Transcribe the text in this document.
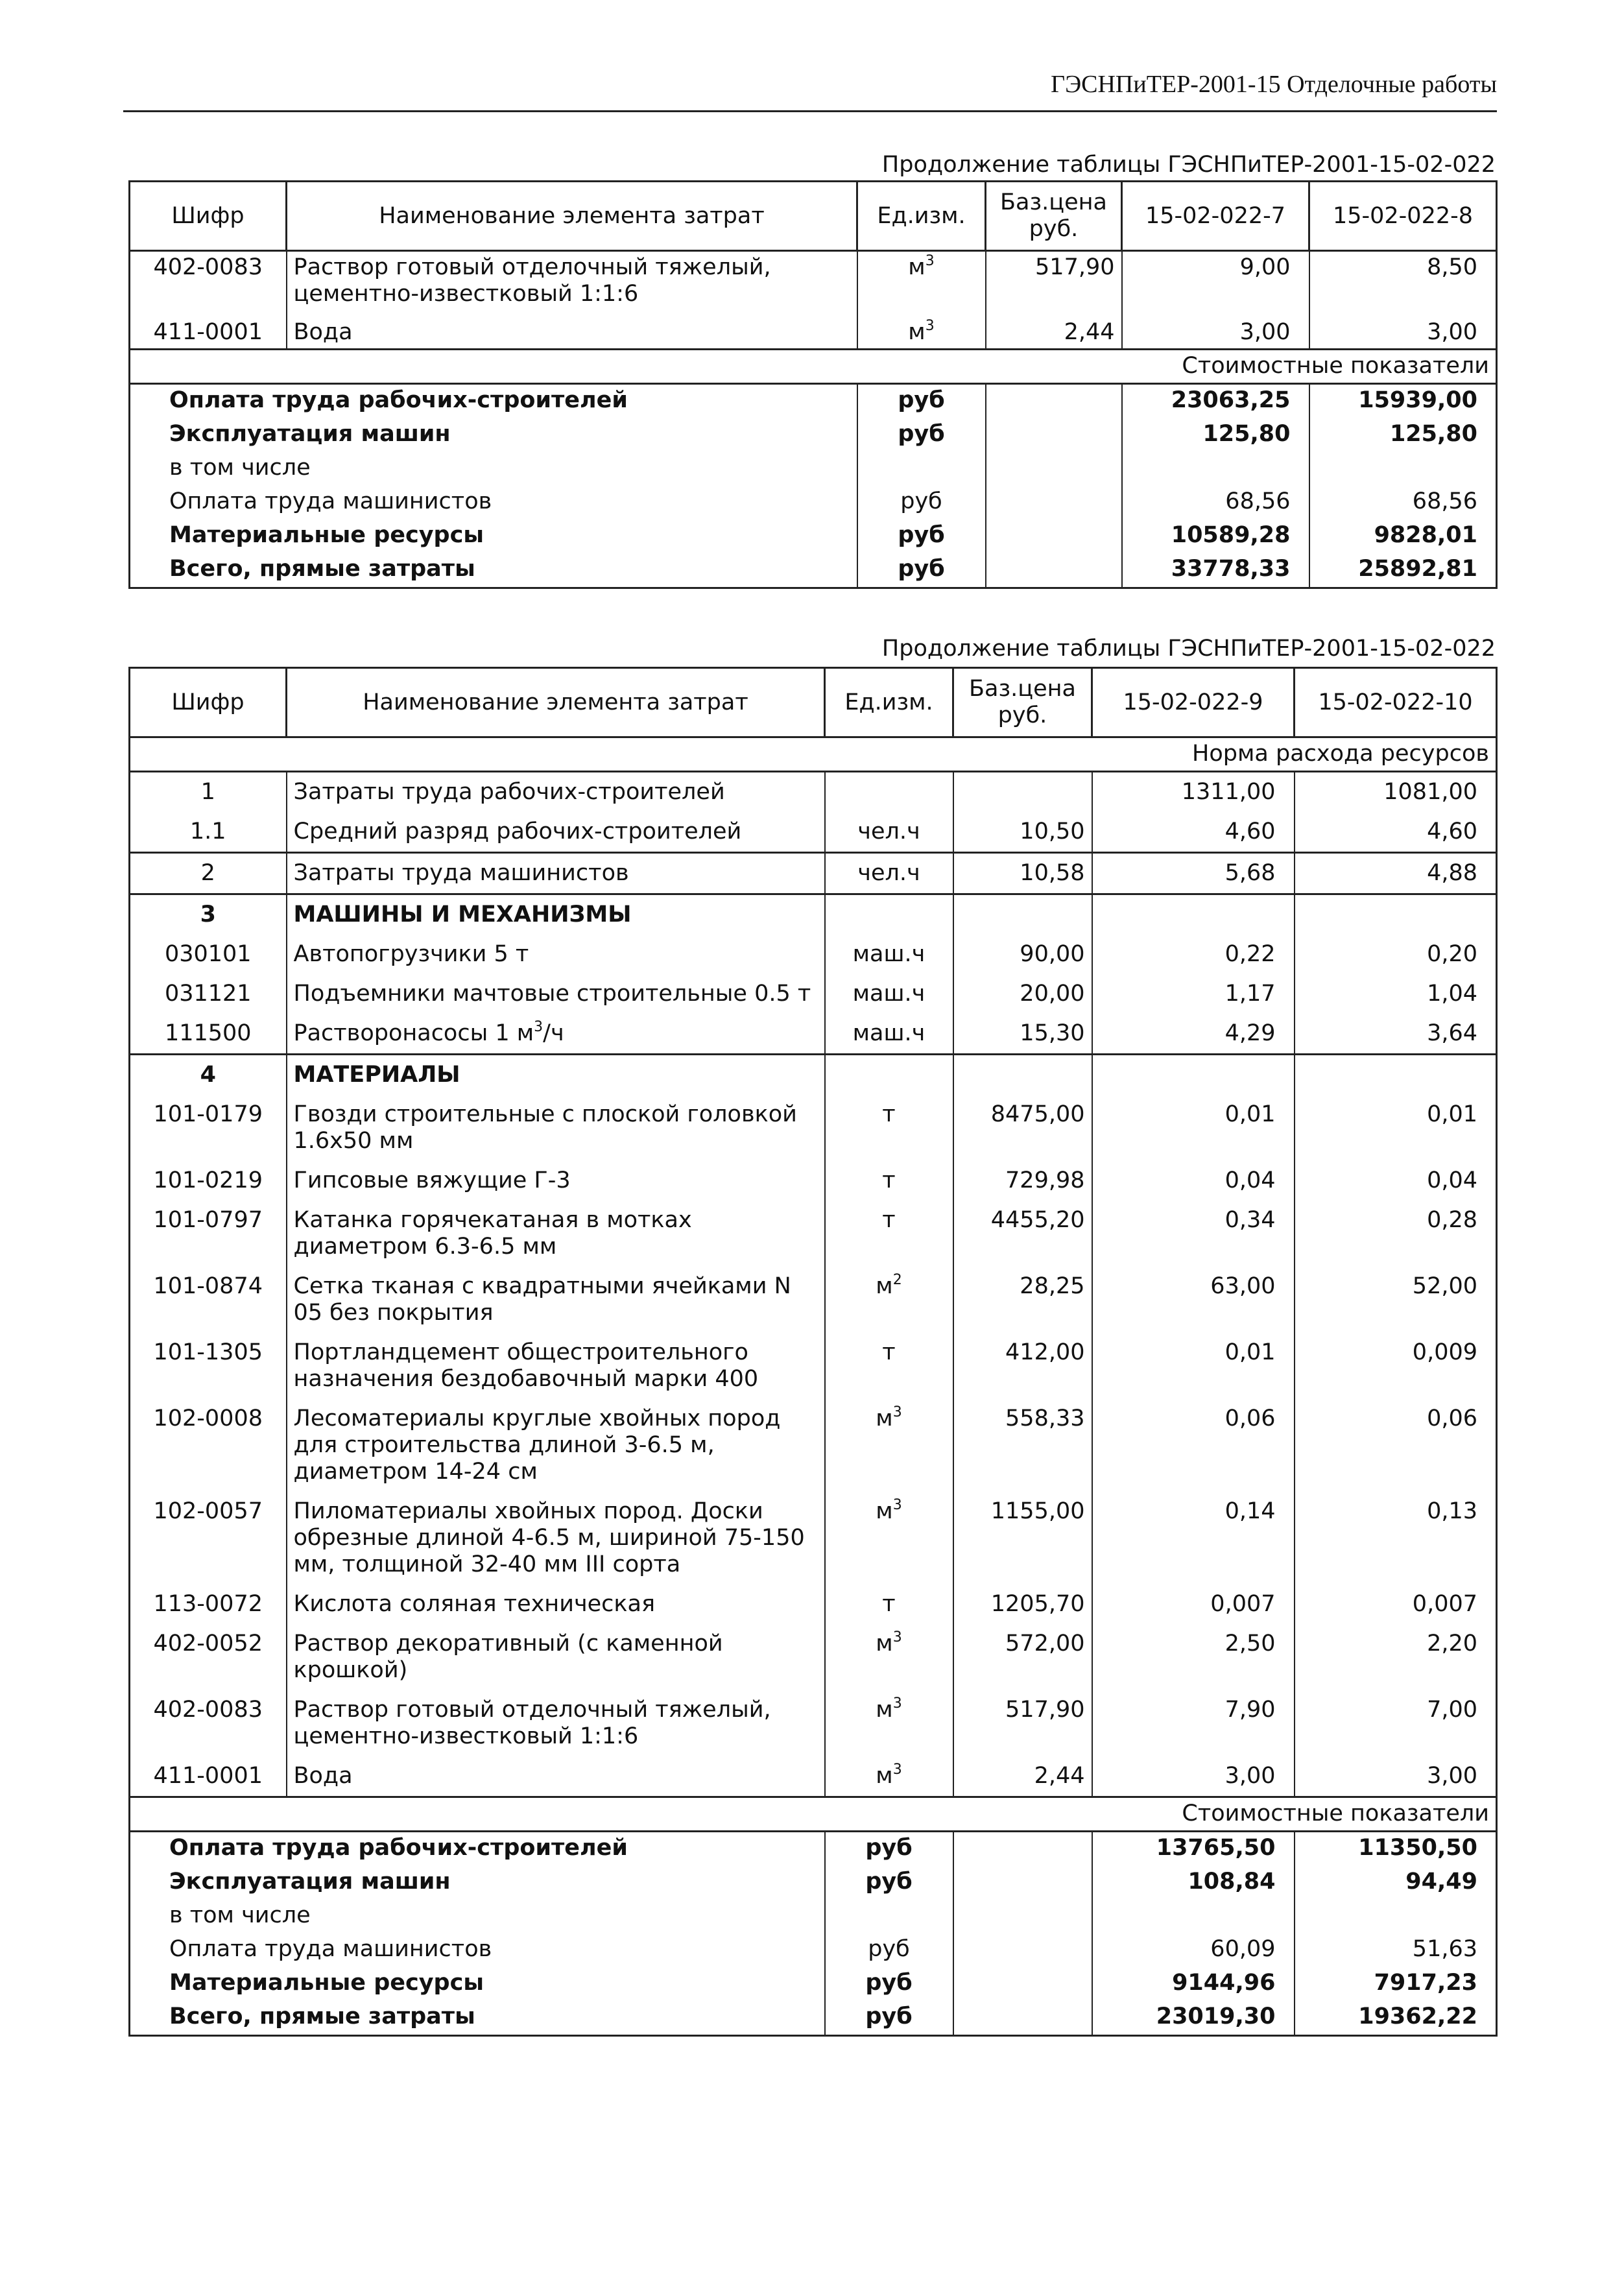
ГЭСНПиТЕР-2001-15 Отделочные работы
Продолжение таблицы ГЭСНПиТЕР-2001-15-02-022
Шифр	Наименование элемента затрат	Ед.изм.	Баз.цена руб.	15-02-022-7	15-02-022-8
402-0083	Раствор готовый отделочный тяжелый, цементно-известковый 1:1:6	$м^3$	517,90	9,00	8,50
411-0001	Вода	$м^3$	2,44	3,00	3,00
Стоимостные показатели					
Оплата труда рабочих-строителей		руб		23063,25	15939,00
Эксплуатация машин		руб		125,80	125,80
в том числе					
Оплата труда машинистов		руб		68,56	68,56
Материальные ресурсы		руб		10589,28	9828,01
Всего, прямые затраты		руб		33778,33	25892,81
Продолжение таблицы ГЭСНПиТЕР-2001-15-02-022
Шифр	Наименование элемента затрат	Ед.изм.	Баз.цена руб.	15-02-022-9	15-02-022-10
Норма расхода ресурсов					
1	Затраты труда рабочих-строителей			1311,00	1081,00
1.1	Средний разряд рабочих-строителей	чел.ч	10,50	4,60	4,60
2	Затраты труда машинистов	чел.ч	10,58	5,68	4,88
3	МАШИНЫ И МЕХАНИЗМЫ				
030101	Автопогрузчики 5 т	маш.ч	90,00	0,22	0,20
031121	Подъемники мачтовые строительные 0.5 т	маш.ч	20,00	1,17	1,04
111500	Растворонасосы 1 $м^3/ч$	маш.ч	15,30	4,29	3,64
4	МАТЕРИАЛЫ				
101-0179	Гвозди строительные с плоской головкой 1.6x50 мм	т	8475,00	0,01	0,01
101-0219	Гипсовые вяжущие Г-3	т	729,98	0,04	0,04
101-0797	Катанка горячекатаная в мотках диаметром 6.3-6.5 мм	т	4455,20	0,34	0,28
101-0874	Сетка тканая с квадратными ячейками N 05 без покрытия	$м^2$	28,25	63,00	52,00
101-1305	Портландцемент общестроительного назначения бездобавочный марки 400	т	412,00	0,01	0,009
102-0008	Лесоматериалы круглые хвойных пород для строительства длиной 3-6.5 м, диаметром 14-24 см	$м^3$	558,33	0,06	0,06
102-0057	Пиломатериалы хвойных пород. Доски обрезные длиной 4-6.5 м, шириной 75-150 мм, толщиной 32-40 мм III сорта	$м^3$	1155,00	0,14	0,13
113-0072	Кислота соляная техническая	т	1205,70	0,007	0,007
402-0052	Раствор декоративный (с каменной крошкой)	$м^3$	572,00	2,50	2,20
402-0083	Раствор готовый отделочный тяжелый, цементно-известковый 1:1:6	$м^3$	517,90	7,90	7,00
411-0001	Вода	$м^3$	2,44	3,00	3,00
Стоимостные показатели					
Оплата труда рабочих-строителей		руб		13765,50	11350,50
Эксплуатация машин		руб		108,84	94,49
в том числе					
Оплата труда машинистов		руб		60,09	51,63
Материальные ресурсы		руб		9144,96	7917,23
Всего, прямые затраты		руб		23019,30	19362,22
